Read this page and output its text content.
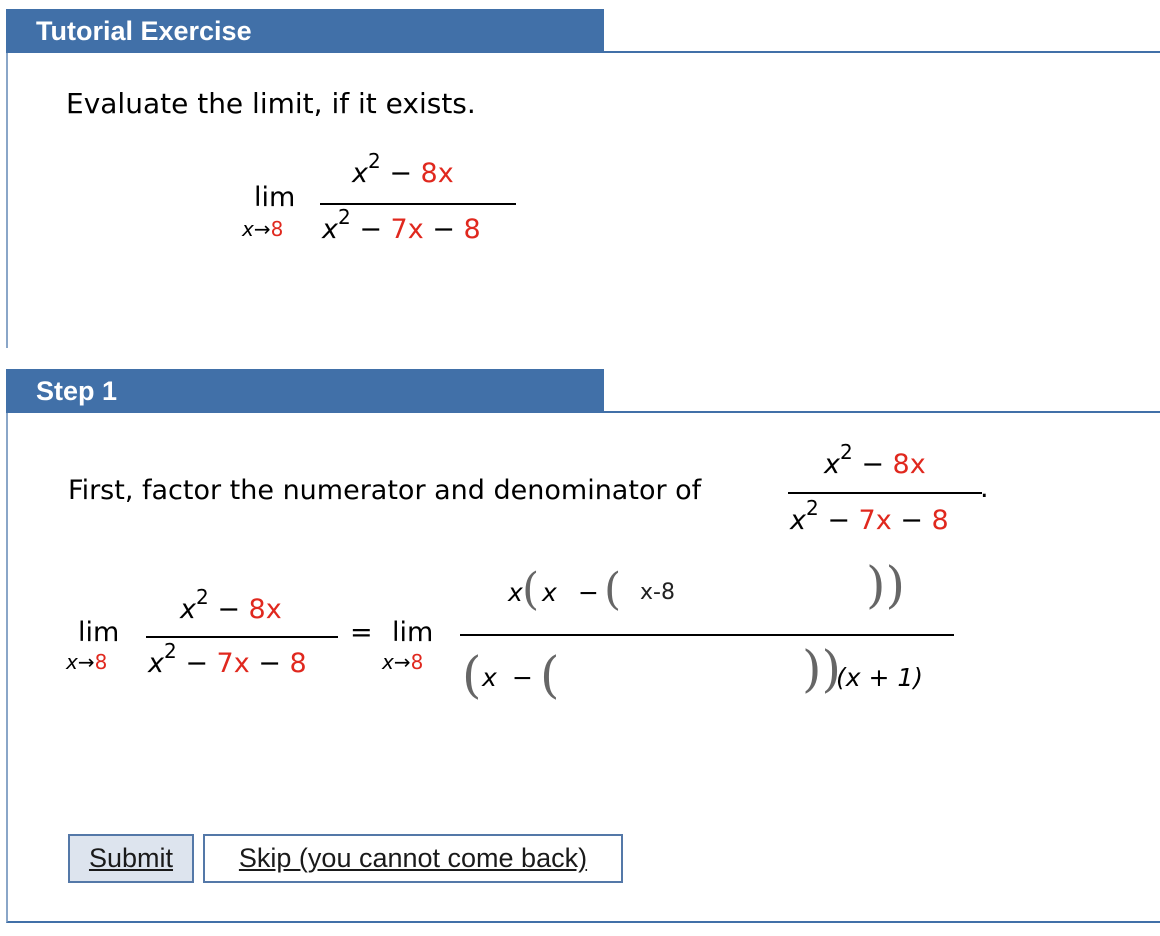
Tutorial Exercise
Evaluate the limit, if it exists.
lim
x→8
$x^2 - 8x$
$x^2 - 7x - 8$
Step 1
First, factor the numerator and denominator of
$x^2 - 8x$
.
$x^2 - 7x - 8$
lim
x→8
$x^2 - 8x$
$x^2 - 7x - 8$
= lim
x→8
x ( x − (
x-8	))
( x − (	))
(x + 1)
Submit	Skip (you cannot come back)
